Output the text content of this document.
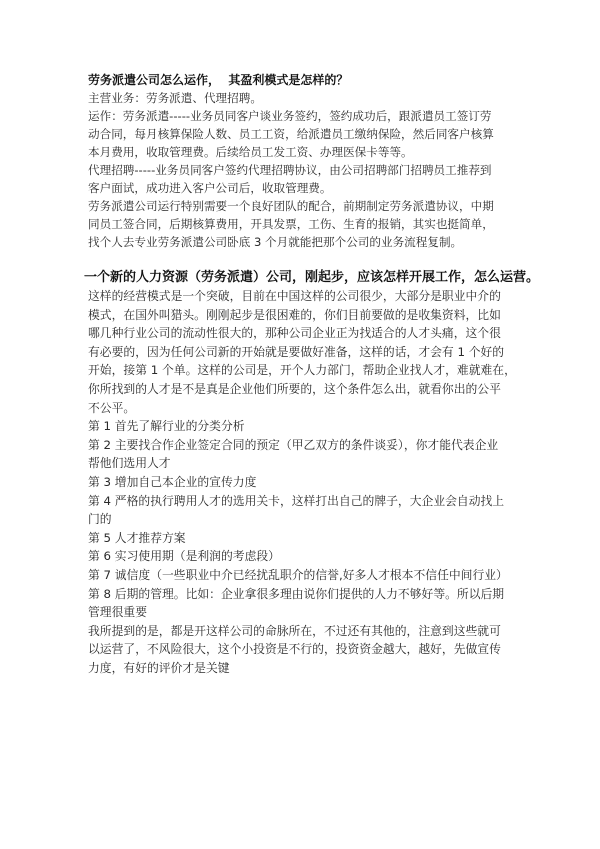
劳务派遣公司怎么运作，  其盈利模式是怎样的？

主营业务：劳务派遣、代理招聘。

运作：劳务派遣-----业务员同客户谈业务签约，签约成功后，跟派遣员工签订劳
动合同，每月核算保险人数、员工工资，给派遣员工缴纳保险，然后同客户核算
本月费用，收取管理费。后续给员工发工资、办理医保卡等等。

代理招聘-----业务员同客户签约代理招聘协议，由公司招聘部门招聘员工推荐到
客户面试，成功进入客户公司后，收取管理费。

劳务派遣公司运行特别需要一个良好团队的配合，前期制定劳务派遣协议，中期
同员工签合同，后期核算费用，开具发票，工伤、生育的报销，其实也挺简单，
找个人去专业劳务派遣公司卧底 3 个月就能把那个公司的业务流程复制。

一个新的人力资源（劳务派遣）公司，刚起步，应该怎样开展工作，怎么运营。

这样的经营模式是一个突破，目前在中国这样的公司很少，大部分是职业中介的
模式，在国外叫猎头。刚刚起步是很困难的，你们目前要做的是收集资料，比如
哪几种行业公司的流动性很大的，那种公司企业正为找适合的人才头痛，这个很
有必要的，因为任何公司新的开始就是要做好准备，这样的话，才会有 1 个好的
开始，接第 1 个单。这样的公司是，开个人力部门，帮助企业找人才，难就难在，
你所找到的人才是不是真是企业他们所要的，这个条件怎么出，就看你出的公平
不公平。

第 1 首先了解行业的分类分析

第 2 主要找合作企业签定合同的预定（甲乙双方的条件谈妥），你才能代表企业
帮他们选用人才

第 3 增加自己本企业的宣传力度

第 4 严格的执行聘用人才的选用关卡，这样打出自己的牌子，大企业会自动找上
门的

第 5 人才推荐方案

第 6 实习使用期（是利润的考虑段）

第 7 诚信度（一些职业中介已经扰乱职介的信誉,好多人才根本不信任中间行业）

第 8 后期的管理。比如：企业拿很多理由说你们提供的人力不够好等。所以后期
管理很重要

我所提到的是，都是开这样公司的命脉所在，不过还有其他的，注意到这些就可
以运营了，不风险很大，这个小投资是不行的，投资资金越大，越好，先做宣传
力度，有好的评价才是关键
